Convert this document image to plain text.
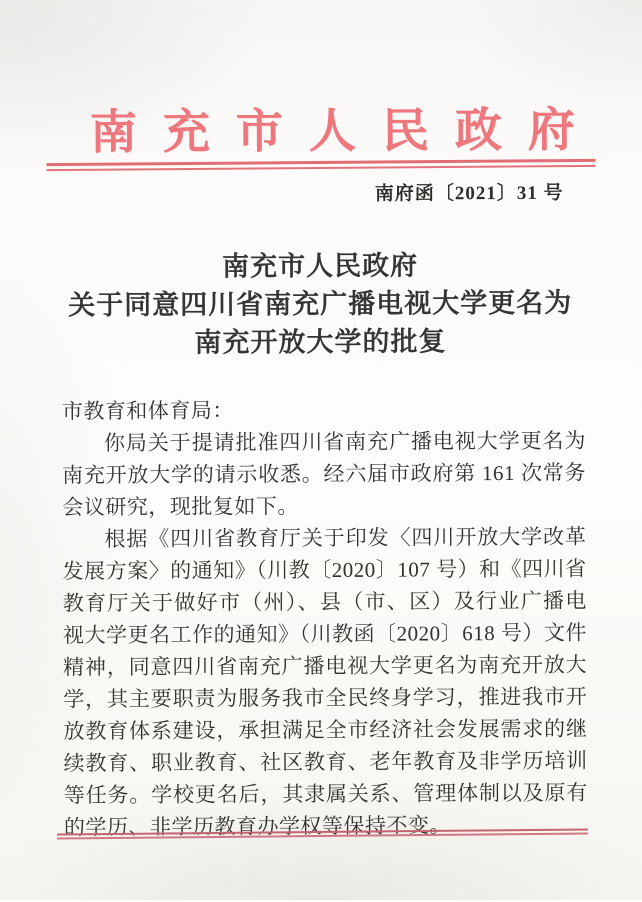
南充市人民政府
南府函〔2021〕31 号
南充市人民政府
关于同意四川省南充广播电视大学更名为
南充开放大学的批复
市教育和体育局：

你局关于提请批准四川省南充广播电视大学更名为南充开放大学的请示收悉。经六届市政府第 161 次常务会议研究，现批复如下。

根据《四川省教育厅关于印发〈四川开放大学改革发展方案〉的通知》（川教〔2020〕107 号）和《四川省教育厅关于做好市（州）、县（市、区）及行业广播电视大学更名工作的通知》（川教函〔2020〕618 号）文件精神，同意四川省南充广播电视大学更名为南充开放大学，其主要职责为服务我市全民终身学习，推进我市开放教育体系建设，承担满足全市经济社会发展需求的继续教育、职业教育、社区教育、老年教育及非学历培训等任务。学校更名后，其隶属关系、管理体制以及原有的学历、非学历教育办学权等保持不变。
